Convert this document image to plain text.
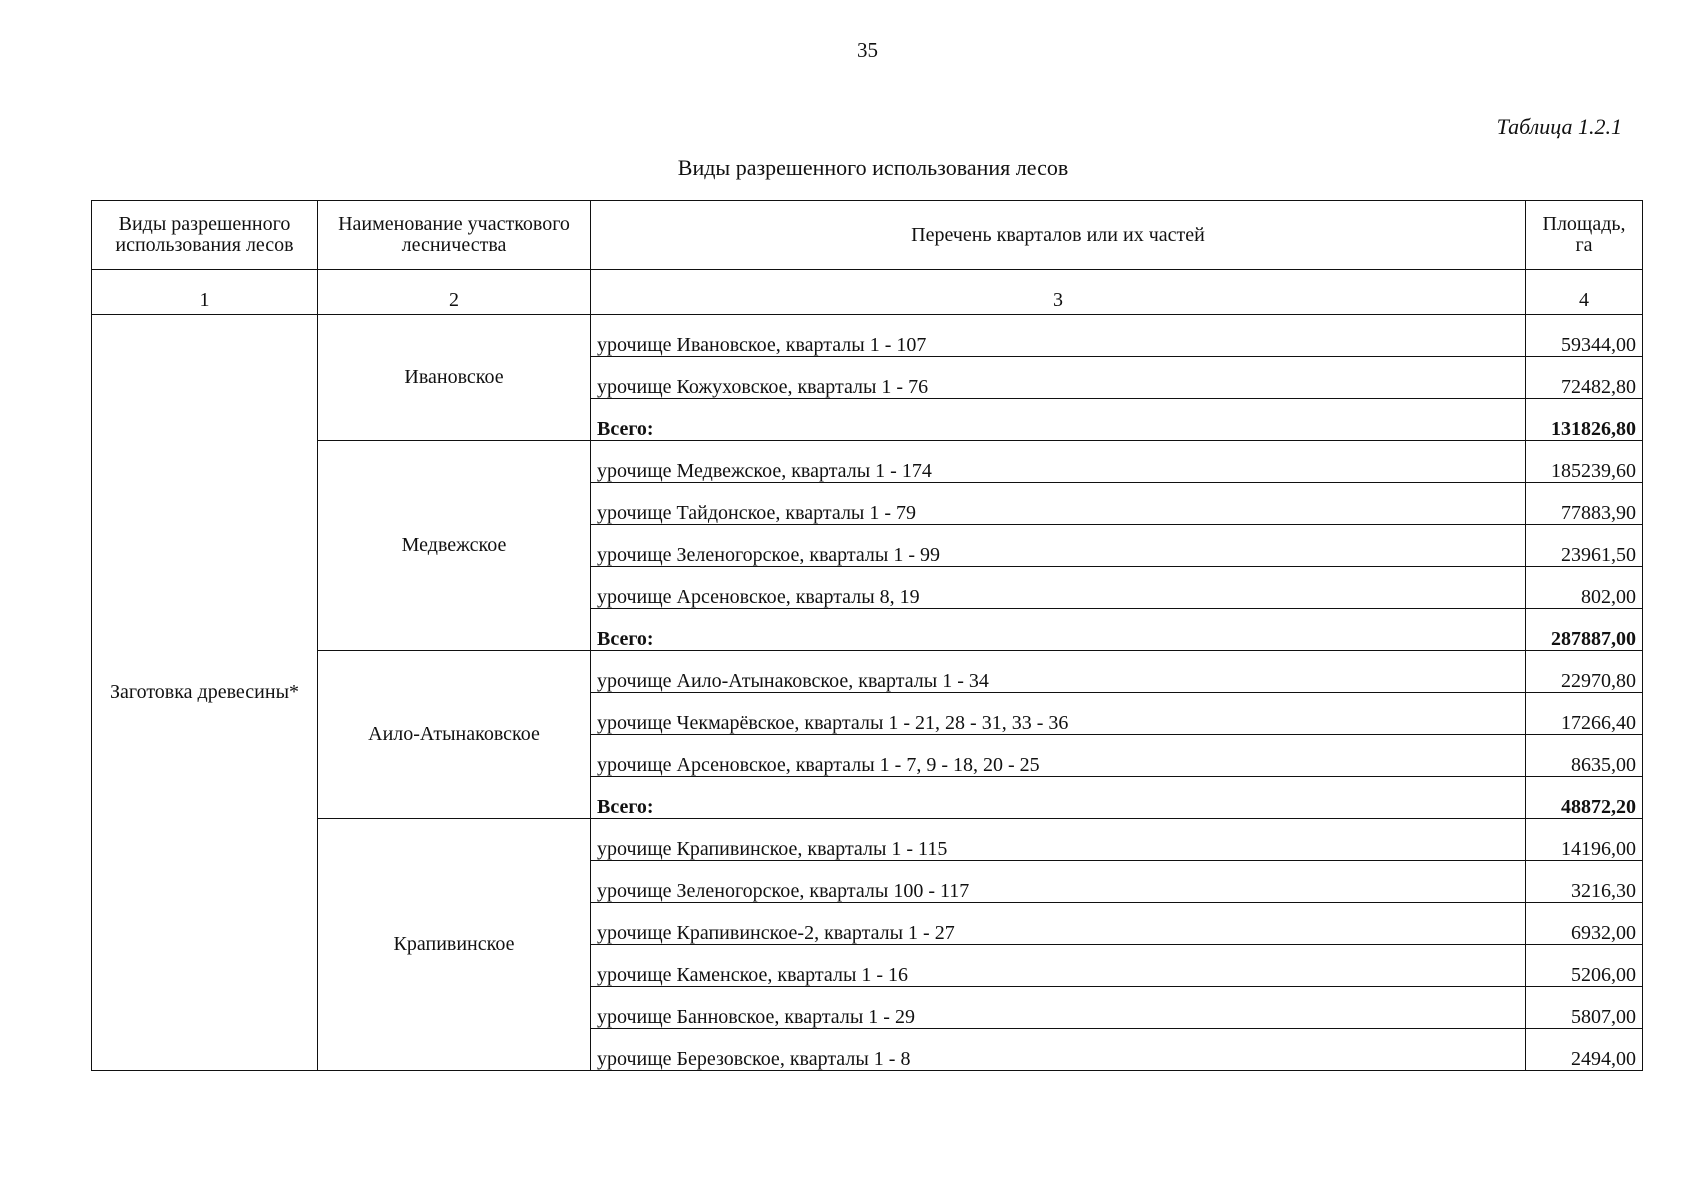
35
Таблица 1.2.1
Виды разрешенного использования лесов
Виды разрешенного использования лесов	Наименование участкового лесничества	Перечень кварталов или их частей	Площадь, га
1	2	3	4
Заготовка древесины*	Ивановское	урочище Ивановское, кварталы 1 - 107	59344,00
		урочище Кожуховское, кварталы 1 - 76	72482,80
		Всего:	131826,80
	Медвежское	урочище Медвежское, кварталы 1 - 174	185239,60
		урочище Тайдонское, кварталы 1 - 79	77883,90
		урочище Зеленогорское, кварталы 1 - 99	23961,50
		урочище Арсеновское, кварталы 8, 19	802,00
		Всего:	287887,00
	Аило-Атынаковское	урочище Аило-Атынаковское, кварталы 1 - 34	22970,80
		урочище Чекмарёвское, кварталы 1 - 21, 28 - 31, 33 - 36	17266,40
		урочище Арсеновское, кварталы 1 - 7, 9 - 18, 20 - 25	8635,00
		Всего:	48872,20
	Крапивинское	урочище Крапивинское, кварталы 1 - 115	14196,00
		урочище Зеленогорское, кварталы 100 - 117	3216,30
		урочище Крапивинское-2, кварталы 1 - 27	6932,00
		урочище Каменское, кварталы 1 - 16	5206,00
		урочище Банновское, кварталы 1 - 29	5807,00
		урочище Березовское, кварталы 1 - 8	2494,00
